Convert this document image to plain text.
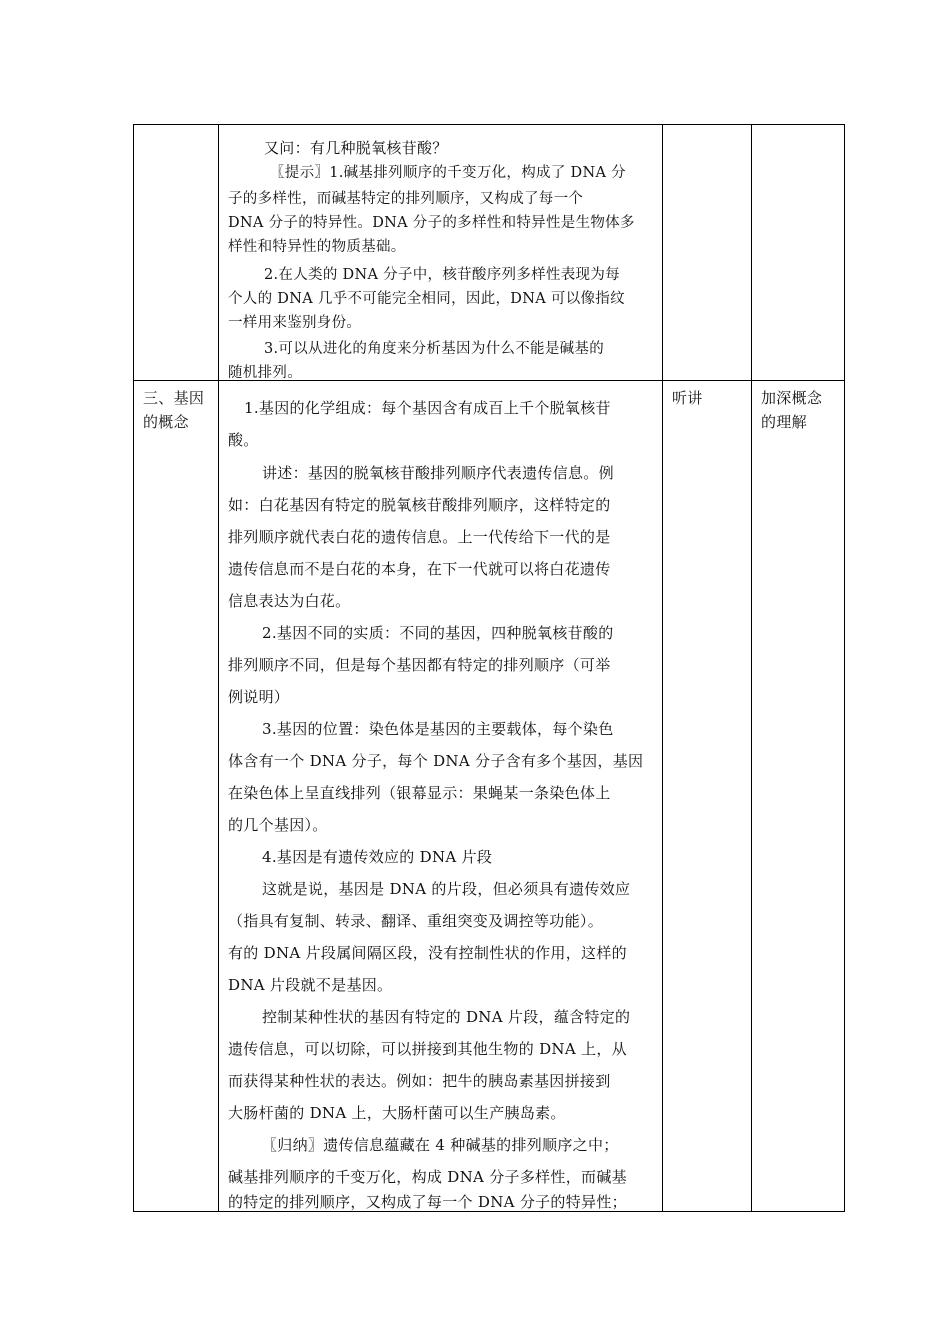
又问：有几种脱氧核苷酸？
〖提示〗1.碱基排列顺序的千变万化，构成了 DNA 分
子的多样性，而碱基特定的排列顺序，又构成了每一个
DNA 分子的特异性。DNA 分子的多样性和特异性是生物体多
样性和特异性的物质基础。
2.在人类的 DNA 分子中，核苷酸序列多样性表现为每
个人的 DNA 几乎不可能完全相同，因此，DNA 可以像指纹
一样用来鉴别身份。
3.可以从进化的角度来分析基因为什么不能是碱基的
随机排列。
三、基因
的概念
听讲	加深概念
的理解
1.基因的化学组成：每个基因含有成百上千个脱氧核苷
酸。
讲述：基因的脱氧核苷酸排列顺序代表遗传信息。例
如：白花基因有特定的脱氧核苷酸排列顺序，这样特定的
排列顺序就代表白花的遗传信息。上一代传给下一代的是
遗传信息而不是白花的本身，在下一代就可以将白花遗传
信息表达为白花。
2.基因不同的实质：不同的基因，四种脱氧核苷酸的
排列顺序不同，但是每个基因都有特定的排列顺序（可举
例说明）
3.基因的位置：染色体是基因的主要载体，每个染色
体含有一个 DNA 分子，每个 DNA 分子含有多个基因，基因
在染色体上呈直线排列（银幕显示：果蝇某一条染色体上
的几个基因）。
4.基因是有遗传效应的 DNA 片段
这就是说，基因是 DNA 的片段，但必须具有遗传效应
（指具有复制、转录、翻译、重组突变及调控等功能）。
有的 DNA 片段属间隔区段，没有控制性状的作用，这样的
DNA 片段就不是基因。
控制某种性状的基因有特定的 DNA 片段，蕴含特定的
遗传信息，可以切除，可以拼接到其他生物的 DNA 上，从
而获得某种性状的表达。例如：把牛的胰岛素基因拼接到
大肠杆菌的 DNA 上，大肠杆菌可以生产胰岛素。
〖归纳〗遗传信息蕴藏在 4 种碱基的排列顺序之中；
碱基排列顺序的千变万化，构成 DNA 分子多样性，而碱基
的特定的排列顺序，又构成了每一个 DNA 分子的特异性；
